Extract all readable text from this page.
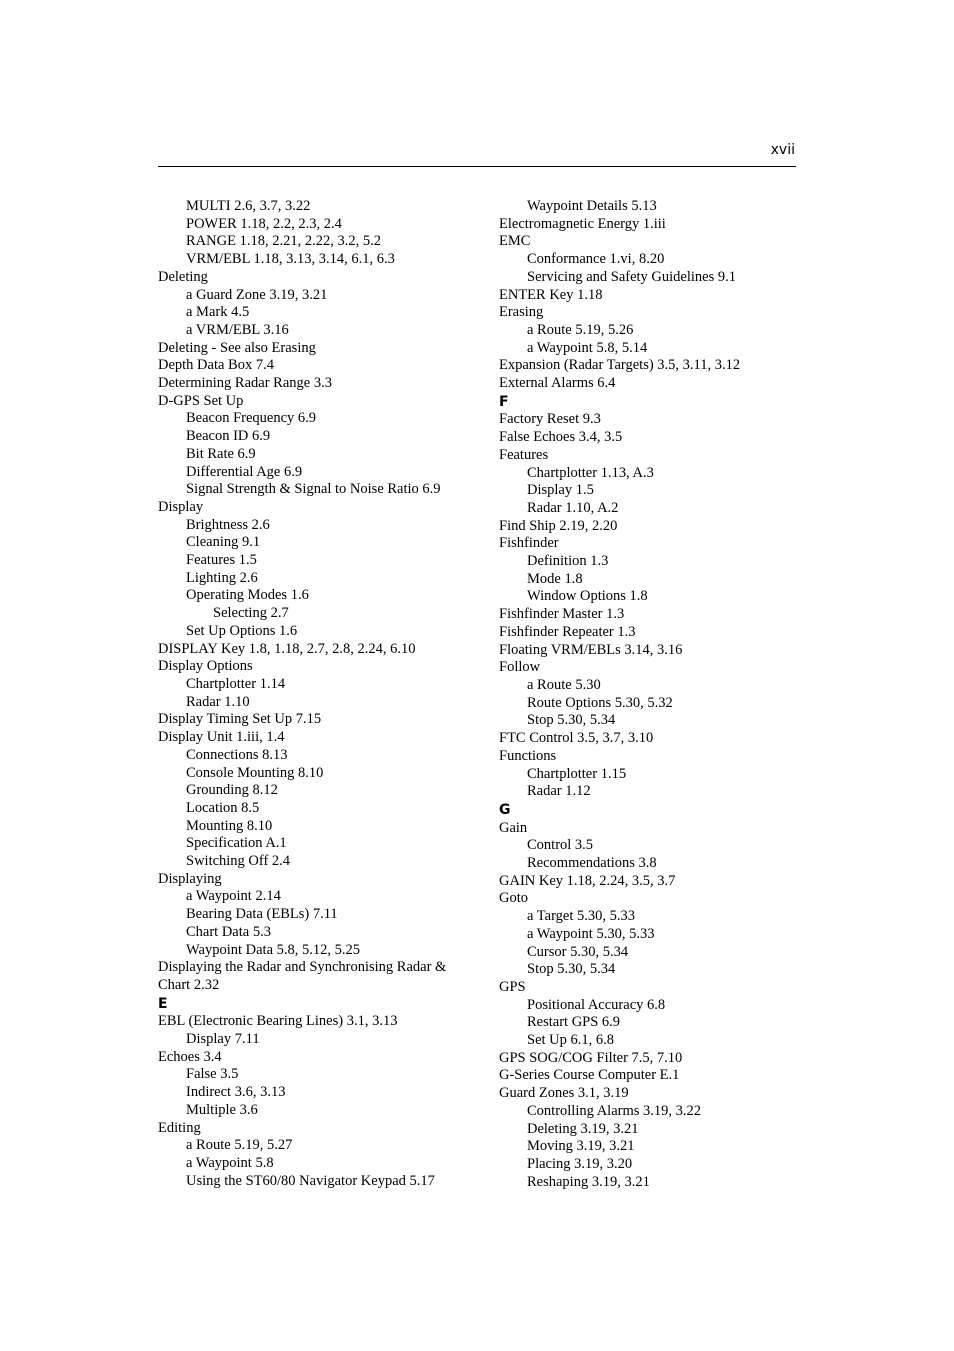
xvii
MULTI 2.6, 3.7, 3.22
POWER 1.18, 2.2, 2.3, 2.4
RANGE 1.18, 2.21, 2.22, 3.2, 5.2
VRM/EBL 1.18, 3.13, 3.14, 6.1, 6.3
Deleting
a Guard Zone 3.19, 3.21
a Mark 4.5
a VRM/EBL 3.16
Deleting - See also Erasing
Depth Data Box 7.4
Determining Radar Range 3.3
D-GPS Set Up
Beacon Frequency 6.9
Beacon ID 6.9
Bit Rate 6.9
Differential Age 6.9
Signal Strength & Signal to Noise Ratio 6.9
Display
Brightness 2.6
Cleaning 9.1
Features 1.5
Lighting 2.6
Operating Modes 1.6
Selecting 2.7
Set Up Options 1.6
DISPLAY Key 1.8, 1.18, 2.7, 2.8, 2.24, 6.10
Display Options
Chartplotter 1.14
Radar 1.10
Display Timing Set Up 7.15
Display Unit 1.iii, 1.4
Connections 8.13
Console Mounting 8.10
Grounding 8.12
Location 8.5
Mounting 8.10
Specification A.1
Switching Off 2.4
Displaying
a Waypoint 2.14
Bearing Data (EBLs) 7.11
Chart Data 5.3
Waypoint Data 5.8, 5.12, 5.25
Displaying the Radar and Synchronising Radar & Chart 2.32
E
EBL (Electronic Bearing Lines) 3.1, 3.13
Display 7.11
Echoes 3.4
False 3.5
Indirect 3.6, 3.13
Multiple 3.6
Editing
a Route 5.19, 5.27
a Waypoint 5.8
Using the ST60/80 Navigator Keypad 5.17
Waypoint Details 5.13
Electromagnetic Energy 1.iii
EMC
Conformance 1.vi, 8.20
Servicing and Safety Guidelines 9.1
ENTER Key 1.18
Erasing
a Route 5.19, 5.26
a Waypoint 5.8, 5.14
Expansion (Radar Targets) 3.5, 3.11, 3.12
External Alarms 6.4
F
Factory Reset 9.3
False Echoes 3.4, 3.5
Features
Chartplotter 1.13, A.3
Display 1.5
Radar 1.10, A.2
Find Ship 2.19, 2.20
Fishfinder
Definition 1.3
Mode 1.8
Window Options 1.8
Fishfinder Master 1.3
Fishfinder Repeater 1.3
Floating VRM/EBLs 3.14, 3.16
Follow
a Route 5.30
Route Options 5.30, 5.32
Stop 5.30, 5.34
FTC Control 3.5, 3.7, 3.10
Functions
Chartplotter 1.15
Radar 1.12
G
Gain
Control 3.5
Recommendations 3.8
GAIN Key 1.18, 2.24, 3.5, 3.7
Goto
a Target 5.30, 5.33
a Waypoint 5.30, 5.33
Cursor 5.30, 5.34
Stop 5.30, 5.34
GPS
Positional Accuracy 6.8
Restart GPS 6.9
Set Up 6.1, 6.8
GPS SOG/COG Filter 7.5, 7.10
G-Series Course Computer E.1
Guard Zones 3.1, 3.19
Controlling Alarms 3.19, 3.22
Deleting 3.19, 3.21
Moving 3.19, 3.21
Placing 3.19, 3.20
Reshaping 3.19, 3.21
